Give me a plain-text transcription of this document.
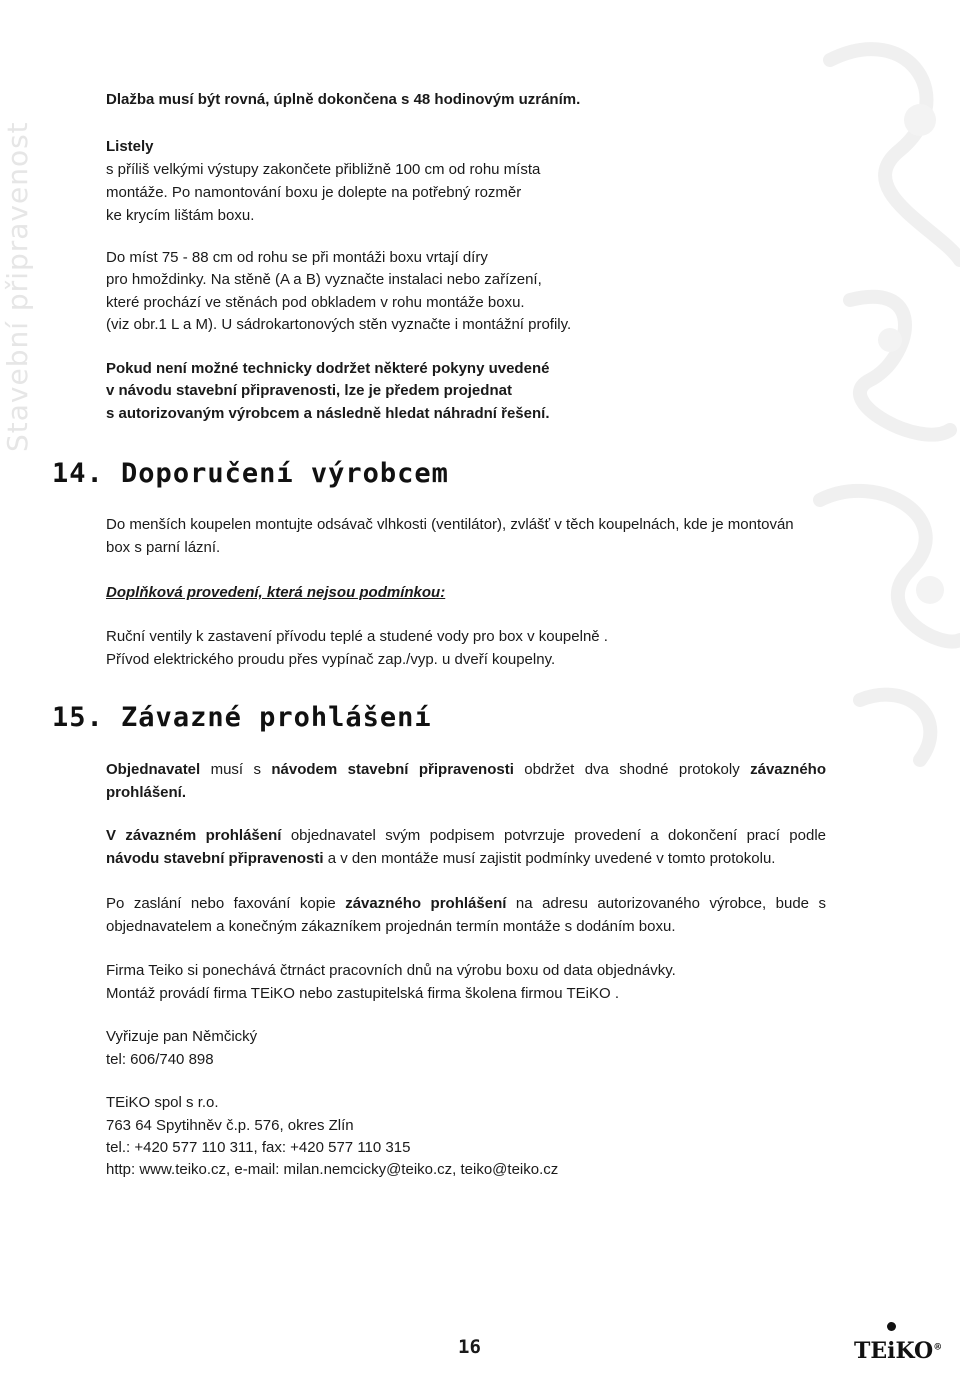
Stavební připravenost

Dlažba musí být rovná, úplně dokončena s 48 hodinovým uzráním.

Listely

s příliš velkými výstupy zakončete přibližně 100 cm od rohu místa

montáže. Po namontování boxu je dolepte na potřebný rozměr

ke krycím lištám boxu.

Do míst 75 - 88 cm od rohu se při montáži boxu vrtají díry

pro hmoždinky. Na stěně (A a B) vyznačte instalaci nebo zařízení,

které prochází ve stěnách pod obkladem v rohu montáže boxu.

(viz obr.1 L a M). U sádrokartonových stěn vyznačte i montážní profily.

Pokud není možné technicky dodržet některé pokyny uvedené

v návodu stavební připravenosti, lze je předem projednat

s autorizovaným výrobcem a následně hledat náhradní řešení.

14. Doporučení výrobcem

Do menších koupelen montujte odsávač vlhkosti (ventilátor), zvlášť v těch koupelnách, kde je montován

box s parní lázní.

Doplňková provedení, která nejsou podmínkou:

Ruční ventily k zastavení přívodu teplé a studené vody pro box v koupelně .

Přívod elektrického proudu přes vypínač zap./vyp. u dveří koupelny.

15. Závazné prohlášení

Objednavatel musí s návodem stavební připravenosti obdržet dva shodné protokoly závazného prohlášení.

V závazném prohlášení objednavatel svým podpisem potvrzuje provedení a dokončení prací podle návodu stavební připravenosti a v den montáže musí zajistit podmínky uvedené v tomto protokolu.

Po zaslání nebo faxování kopie závazného prohlášení na adresu autorizovaného výrobce, bude s objednavatelem a konečným zákazníkem projednán termín montáže s dodáním boxu.

Firma Teiko si ponechává čtrnáct pracovních dnů na výrobu boxu od data objednávky.

Montáž provádí firma TEiKO nebo zastupitelská firma školena firmou TEiKO .

Vyřizuje pan Němčický

tel: 606/740 898

TEiKO spol s r.o.

763 64 Spytihněv č.p. 576, okres Zlín

tel.: +420 577 110 311, fax: +420 577 110 315

http: www.teiko.cz, e-mail: milan.nemcicky@teiko.cz, teiko@teiko.cz

16	TEiKO®
